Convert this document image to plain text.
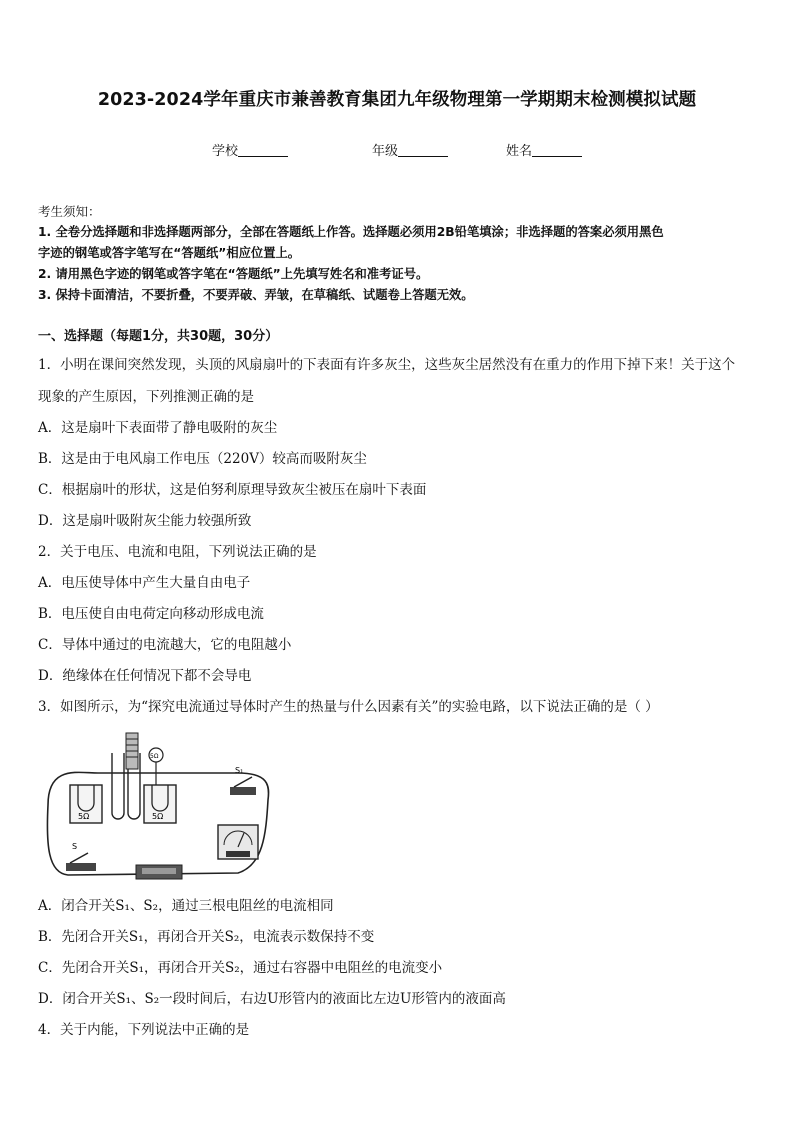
2023-2024学年重庆市兼善教育集团九年级物理第一学期期末检测模拟试题
学校	年级	姓名
考生须知：
1. 全卷分选择题和非选择题两部分，全部在答题纸上作答。选择题必须用2B铅笔填涂；非选择题的答案必须用黑色
字迹的钢笔或答字笔写在“答题纸”相应位置上。
2. 请用黑色字迹的钢笔或答字笔在“答题纸”上先填写姓名和准考证号。
3. 保持卡面清洁，不要折叠，不要弄破、弄皱，在草稿纸、试题卷上答题无效。
一、选择题（每题1分，共30题，30分）
1．小明在课间突然发现，头顶的风扇扇叶的下表面有许多灰尘，这些灰尘居然没有在重力的作用下掉下来！关于这个
现象的产生原因，下列推测正确的是
A．这是扇叶下表面带了静电吸附的灰尘
B．这是由于电风扇工作电压（220V）较高而吸附灰尘
C．根据扇叶的形状，这是伯努利原理导致灰尘被压在扇叶下表面
D．这是扇叶吸附灰尘能力较强所致
2．关于电压、电流和电阻，下列说法正确的是
A．电压使导体中产生大量自由电子
B．电压使自由电荷定向移动形成电流
C．导体中通过的电流越大，它的电阻越小
D．绝缘体在任何情况下都不会导电
3．如图所示，为“探究电流通过导体时产生的热量与什么因素有关”的实验电路，以下说法正确的是（ ）
5Ω	5Ω
5Ω
S₁
S
A．闭合开关S₁、S₂，通过三根电阻丝的电流相同
B．先闭合开关S₁，再闭合开关S₂，电流表示数保持不变
C．先闭合开关S₁，再闭合开关S₂，通过右容器中电阻丝的电流变小
D．闭合开关S₁、S₂一段时间后，右边U形管内的液面比左边U形管内的液面高
4．关于内能，下列说法中正确的是
